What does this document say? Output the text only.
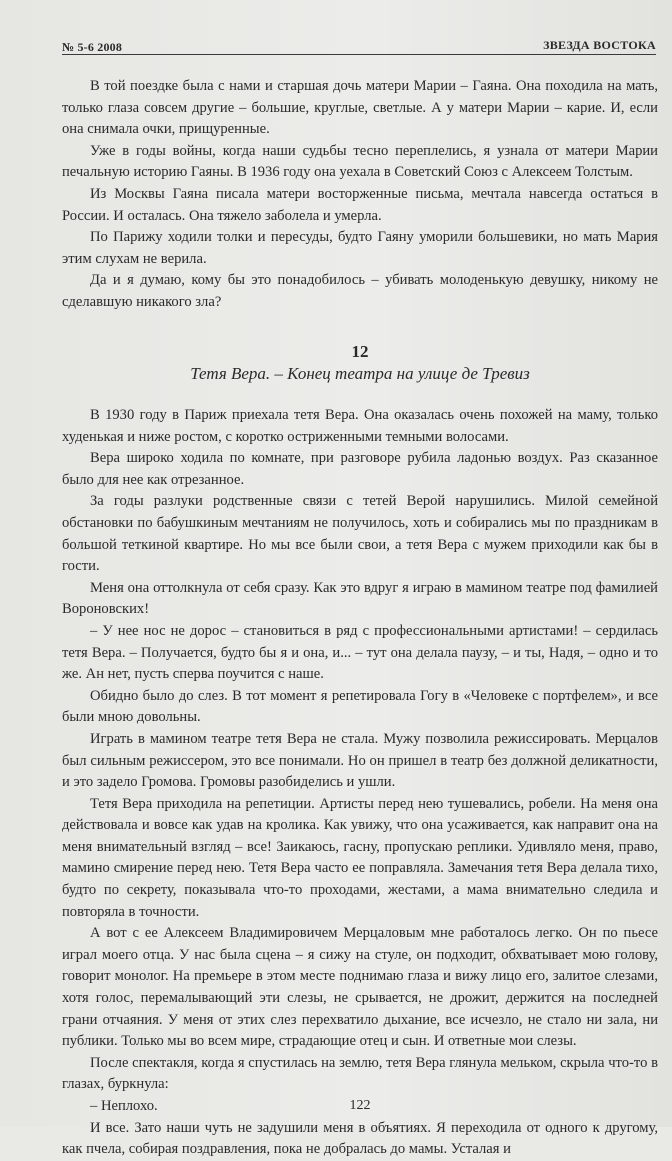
№ 5-6 2008	ЗВЕЗДА ВОСТОКА

В той поездке была с нами и старшая дочь матери Марии – Гаяна. Она походила на мать, только глаза совсем другие – большие, круглые, светлые. А у матери Марии – карие. И, если она снимала очки, прищуренные.

Уже в годы войны, когда наши судьбы тесно переплелись, я узнала от матери Марии печальную историю Гаяны. В 1936 году она уехала в Советский Союз с Алексеем Толстым.

Из Москвы Гаяна писала матери восторженные письма, мечтала навсегда остаться в России. И осталась. Она тяжело заболела и умерла.

По Парижу ходили толки и пересуды, будто Гаяну уморили большевики, но мать Мария этим слухам не верила.

Да и я думаю, кому бы это понадобилось – убивать молоденькую девушку, никому не сделавшую никакого зла?

12
Тетя Вера. – Конец театра на улице де Тревиз

В 1930 году в Париж приехала тетя Вера. Она оказалась очень похожей на маму, только худенькая и ниже ростом, с коротко остриженными темными волосами.

Вера широко ходила по комнате, при разговоре рубила ладонью воздух. Раз сказанное было для нее как отрезанное.

За годы разлуки родственные связи с тетей Верой нарушились. Милой семейной обстановки по бабушкиным мечтаниям не получилось, хоть и собирались мы по праздникам в большой теткиной квартире. Но мы все были свои, а тетя Вера с мужем приходили как бы в гости.

Меня она оттолкнула от себя сразу. Как это вдруг я играю в мамином театре под фамилией Вороновских!

– У нее нос не дорос – становиться в ряд с профессиональными артистами! – сердилась тетя Вера. – Получается, будто бы я и она, и... – тут она делала паузу, – и ты, Надя, – одно и то же. Ан нет, пусть сперва поучится с наше.

Обидно было до слез. В тот момент я репетировала Гогу в «Человеке с портфелем», и все были мною довольны.

Играть в мамином театре тетя Вера не стала. Мужу позволила режиссировать. Мерцалов был сильным режиссером, это все понимали. Но он пришел в театр без должной деликатности, и это задело Громова. Громовы разобиделись и ушли.

Тетя Вера приходила на репетиции. Артисты перед нею тушевались, робели. На меня она действовала и вовсе как удав на кролика. Как увижу, что она усаживается, как направит она на меня внимательный взгляд – все! Заикаюсь, гасну, пропускаю реплики. Удивляло меня, право, мамино смирение перед нею. Тетя Вера часто ее поправляла. Замечания тетя Вера делала тихо, будто по секрету, показывала что-то проходами, жестами, а мама внимательно следила и повторяла в точности.

А вот с ее Алексеем Владимировичем Мерцаловым мне работалось легко. Он по пьесе играл моего отца. У нас была сцена – я сижу на стуле, он подходит, обхватывает мою голову, говорит монолог. На премьере в этом месте поднимаю глаза и вижу лицо его, залитое слезами, хотя голос, перемалывающий эти слезы, не срывается, не дрожит, держится на последней грани отчаяния. У меня от этих слез перехватило дыхание, все исчезло, не стало ни зала, ни публики. Только мы во всем мире, страдающие отец и сын. И ответные мои слезы.

После спектакля, когда я спустилась на землю, тетя Вера глянула мельком, скрыла что-то в глазах, буркнула:

– Неплохо.

И все. Зато наши чуть не задушили меня в объятиях. Я переходила от одного к другому, как пчела, собирая поздравления, пока не добралась до мамы. Усталая и

122
